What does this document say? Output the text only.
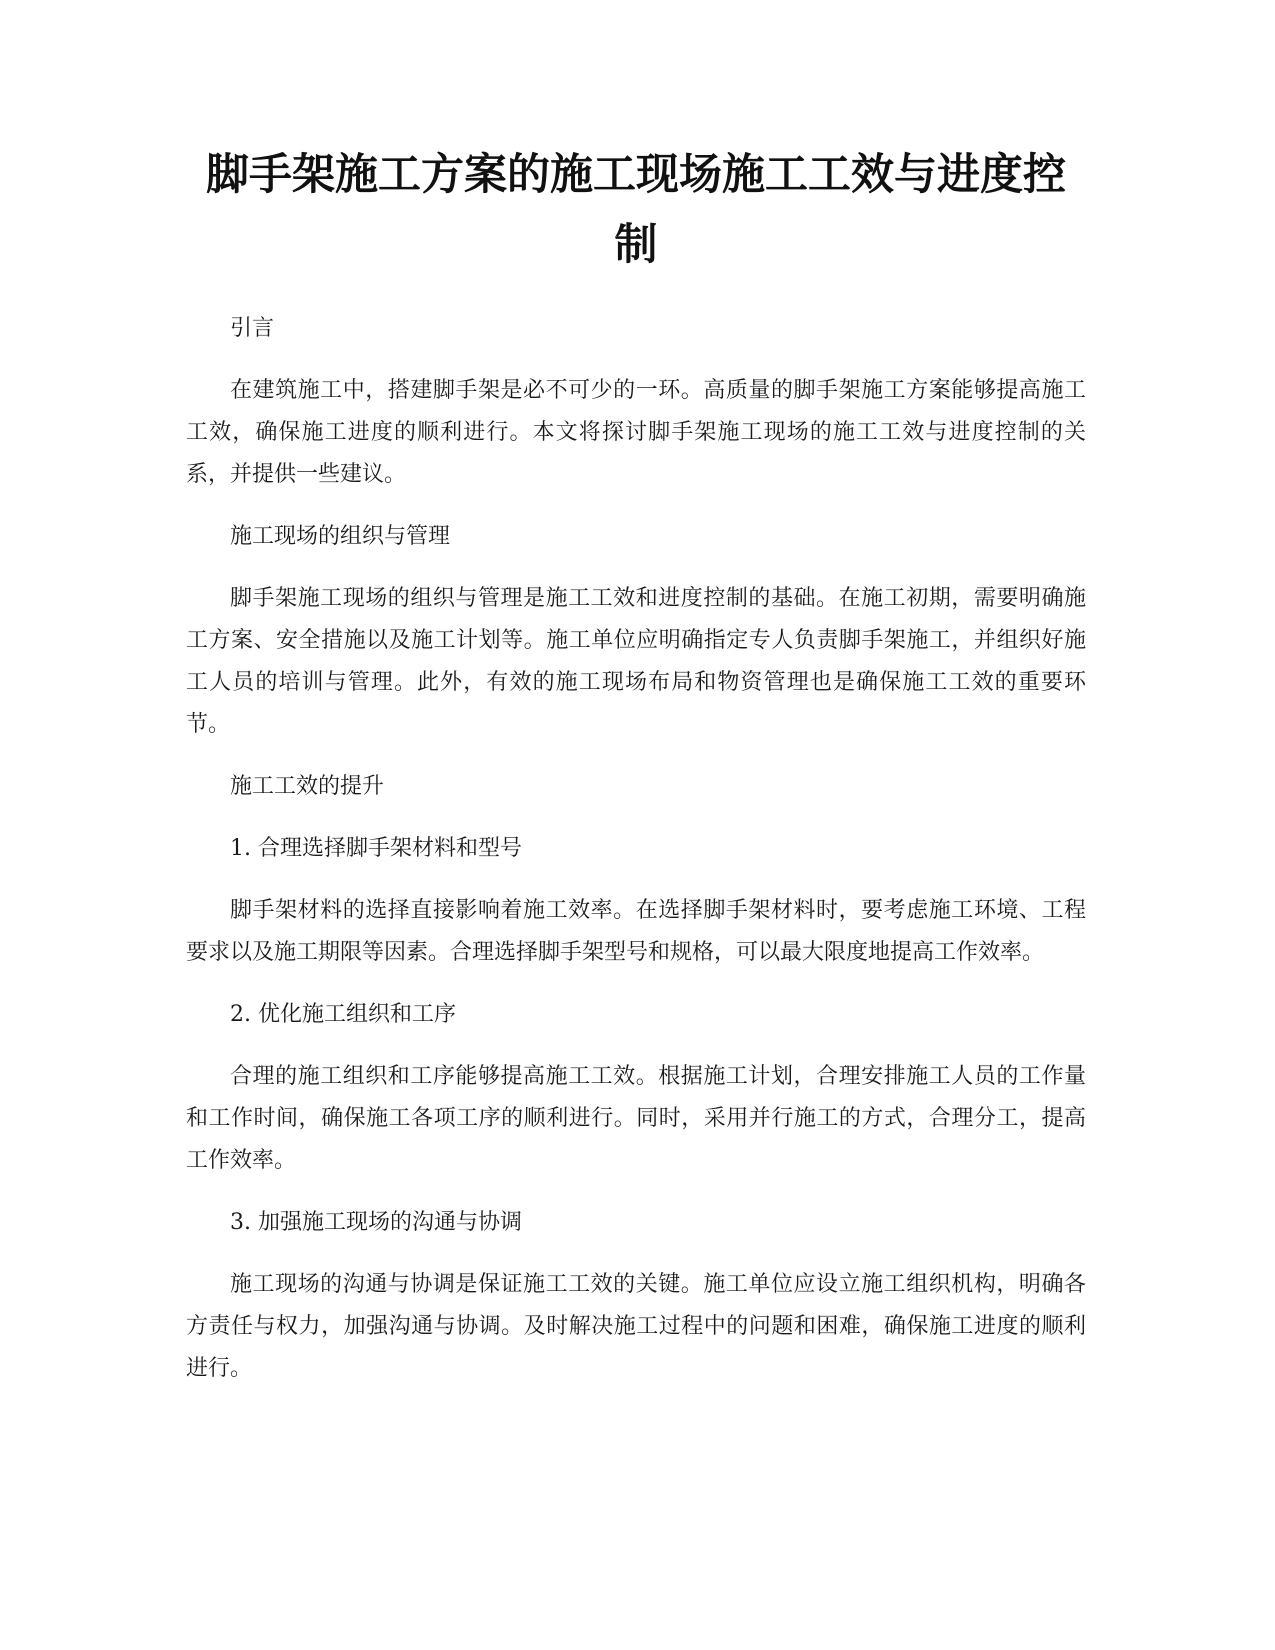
脚手架施工方案的施工现场施工工效与进度控制

引言

在建筑施工中，搭建脚手架是必不可少的一环。高质量的脚手架施工方案能够提高施工工效，确保施工进度的顺利进行。本文将探讨脚手架施工现场的施工工效与进度控制的关系，并提供一些建议。

施工现场的组织与管理

脚手架施工现场的组织与管理是施工工效和进度控制的基础。在施工初期，需要明确施工方案、安全措施以及施工计划等。施工单位应明确指定专人负责脚手架施工，并组织好施工人员的培训与管理。此外，有效的施工现场布局和物资管理也是确保施工工效的重要环节。

施工工效的提升

1. 合理选择脚手架材料和型号

脚手架材料的选择直接影响着施工效率。在选择脚手架材料时，要考虑施工环境、工程要求以及施工期限等因素。合理选择脚手架型号和规格，可以最大限度地提高工作效率。

2. 优化施工组织和工序

合理的施工组织和工序能够提高施工工效。根据施工计划，合理安排施工人员的工作量和工作时间，确保施工各项工序的顺利进行。同时，采用并行施工的方式，合理分工，提高工作效率。

3. 加强施工现场的沟通与协调

施工现场的沟通与协调是保证施工工效的关键。施工单位应设立施工组织机构，明确各方责任与权力，加强沟通与协调。及时解决施工过程中的问题和困难，确保施工进度的顺利进行。
